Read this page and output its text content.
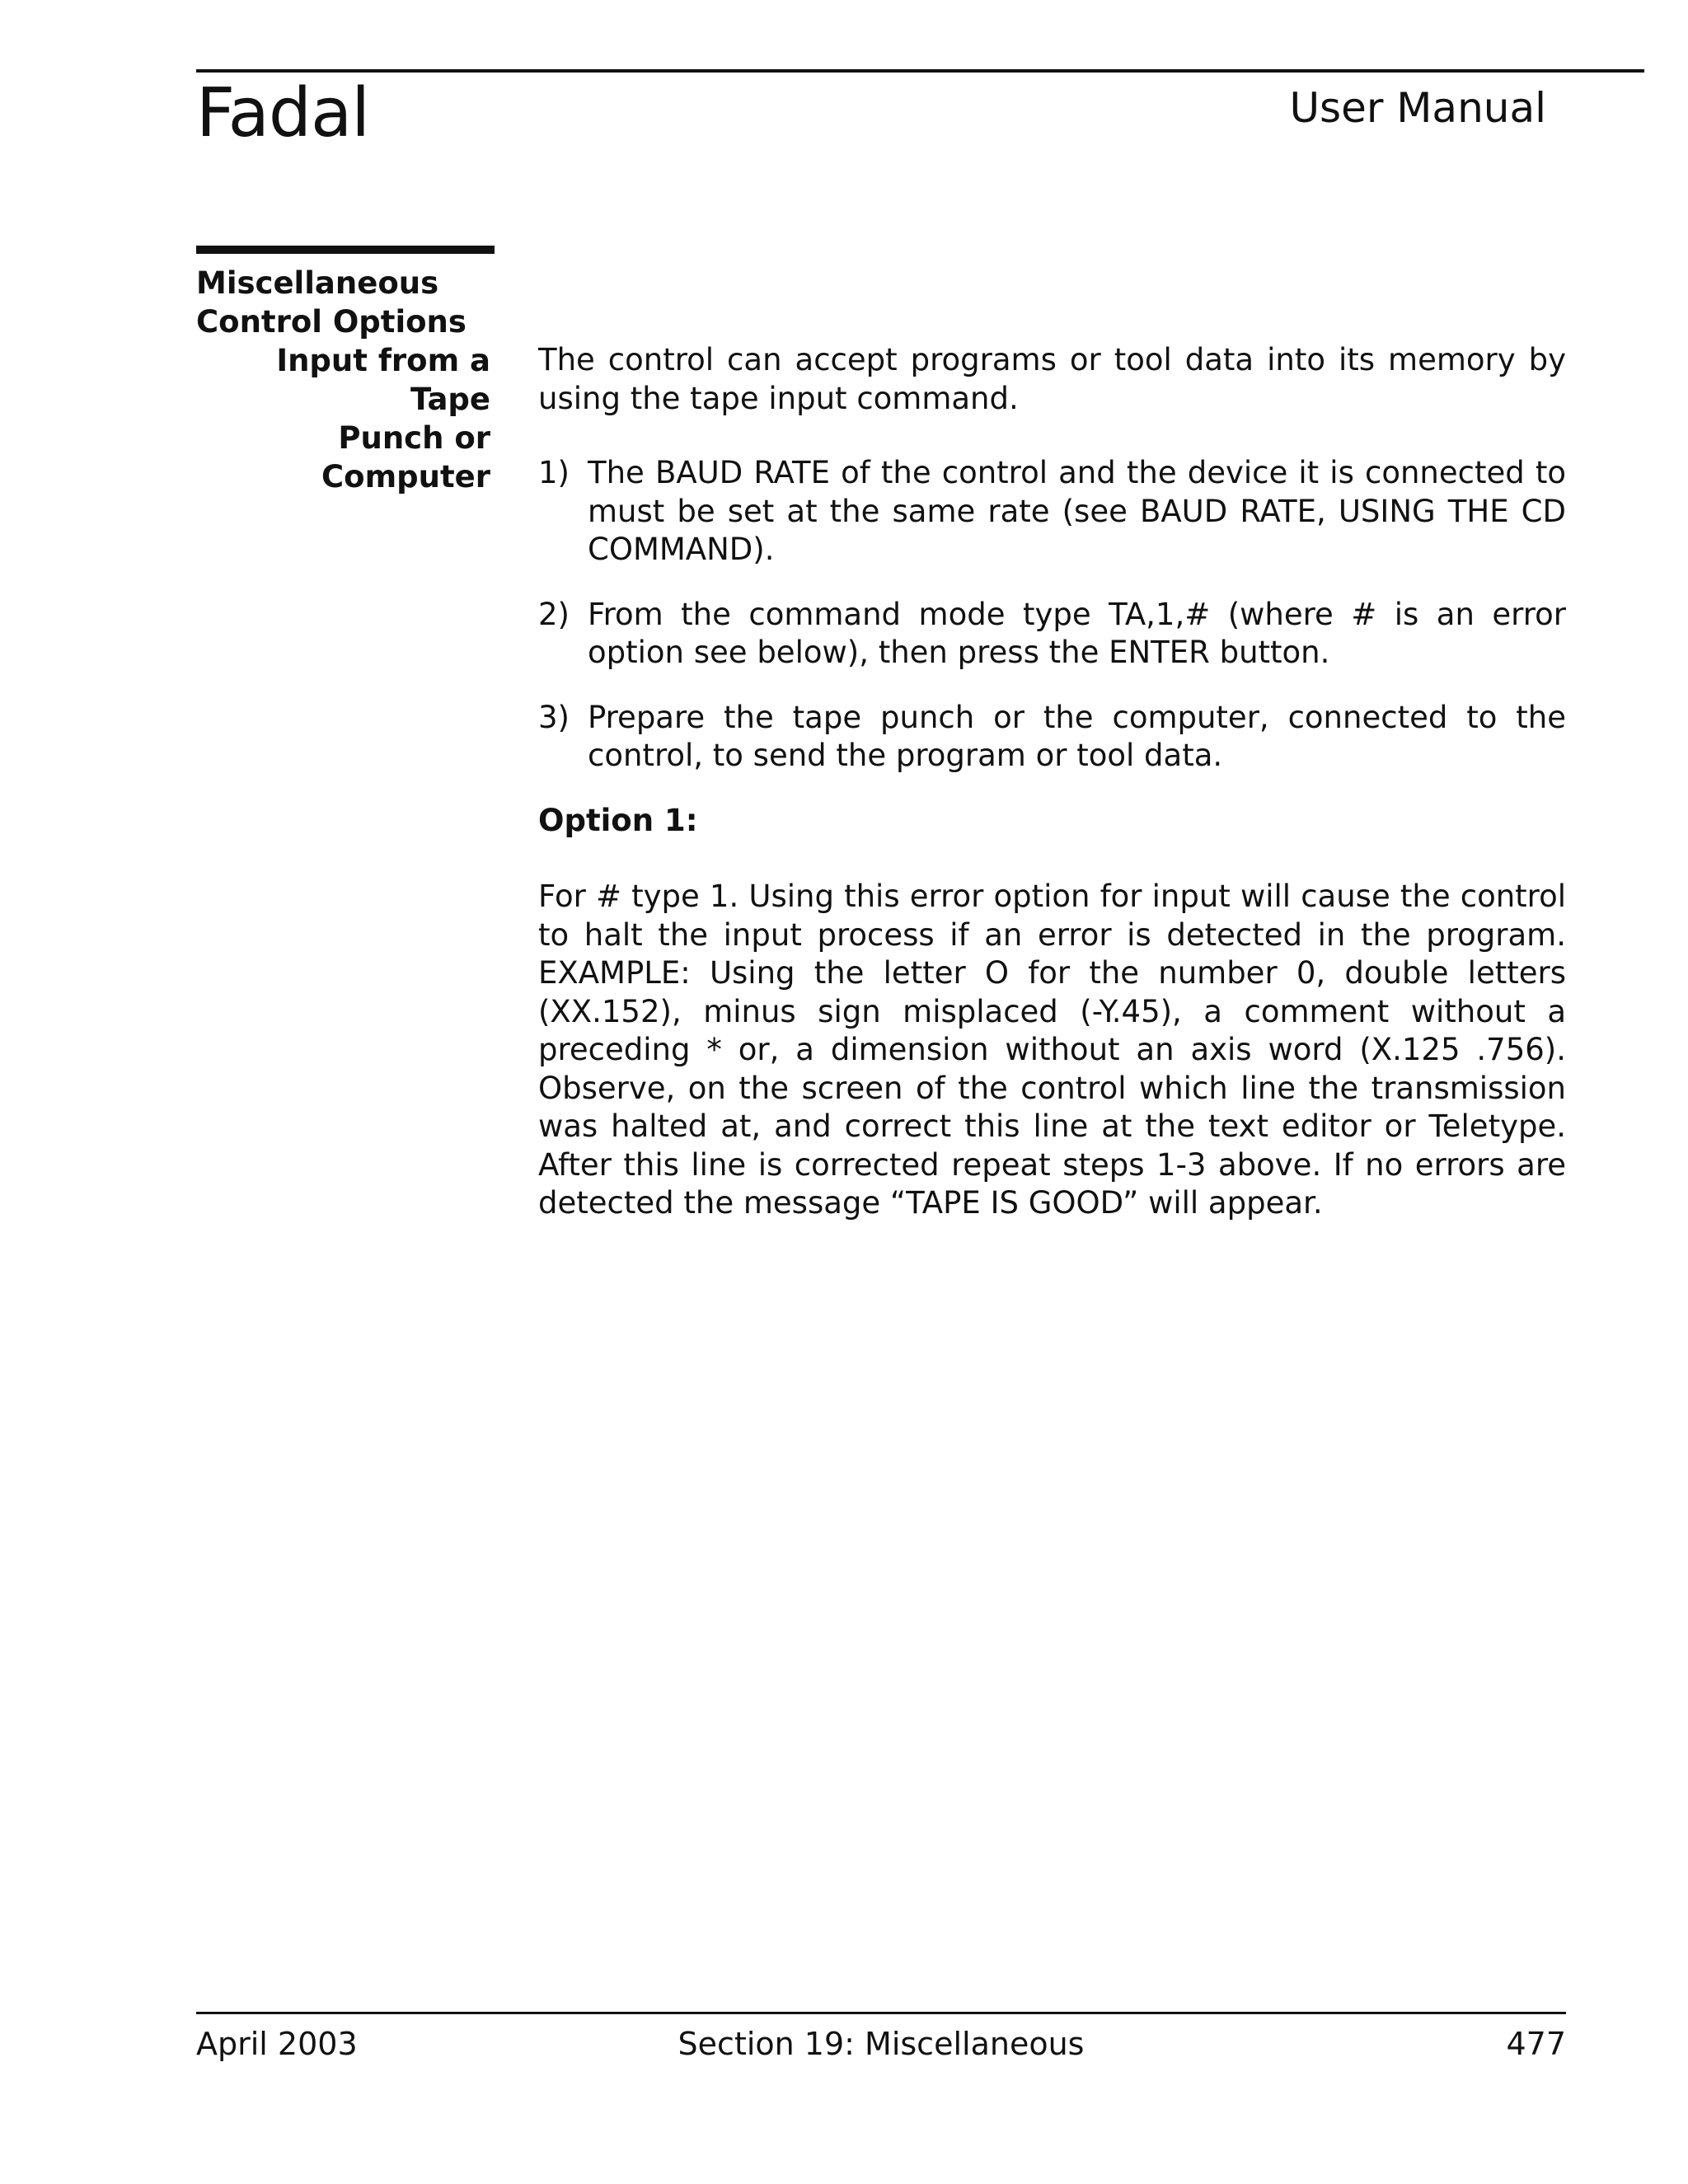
Fadal	User Manual
Miscellaneous
Control Options
Input from a Tape
Punch or Computer

The control can accept programs or tool data into its memory by using the tape input command.

1) The BAUD RATE of the control and the device it is connected to must be set at the same rate (see BAUD RATE, USING THE CD COMMAND).
2) From the command mode type TA,1,# (where # is an error option see below), then press the ENTER button.
3) Prepare the tape punch or the computer, connected to the control, to send the program or tool data.
Option 1:

For # type 1. Using this error option for input will cause the control to halt the input process if an error is detected in the program. EXAMPLE: Using the letter O for the number 0, double letters (XX.152), minus sign misplaced (-Y.45), a comment without a preceding * or, a dimension without an axis word (X.125 .756). Observe, on the screen of the control which line the transmission was halted at, and correct this line at the text editor or Teletype. After this line is corrected repeat steps 1-3 above. If no errors are detected the message “TAPE IS GOOD” will appear.

April 2003	Section 19: Miscellaneous	477
